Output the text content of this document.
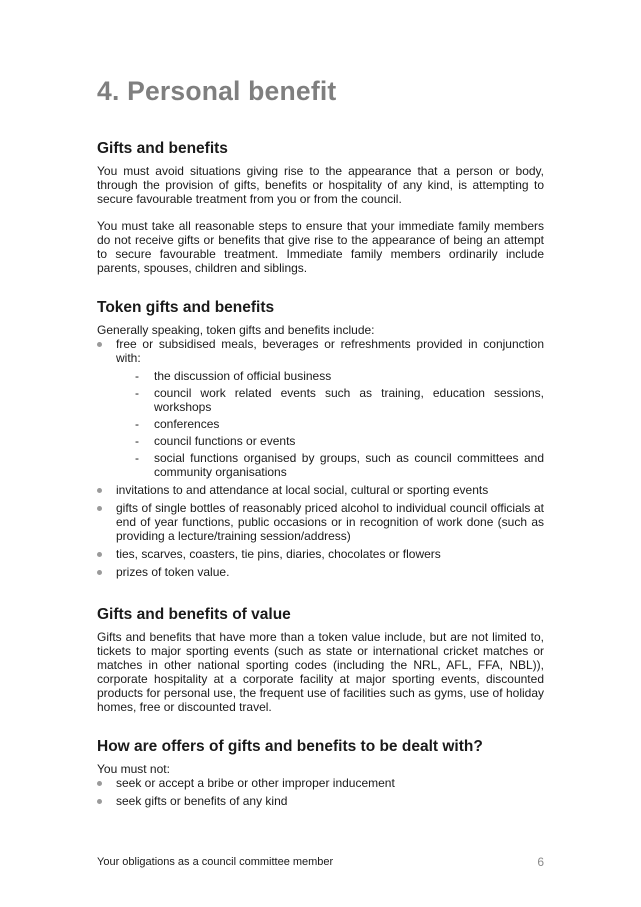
4. Personal benefit
Gifts and benefits

You must avoid situations giving rise to the appearance that a person or body, through the provision of gifts, benefits or hospitality of any kind, is attempting to secure favourable treatment from you or from the council.

You must take all reasonable steps to ensure that your immediate family members do not receive gifts or benefits that give rise to the appearance of being an attempt to secure favourable treatment. Immediate family members ordinarily include parents, spouses, children and siblings.

Token gifts and benefits

Generally speaking, token gifts and benefits include:

free or subsidised meals, beverages or refreshments provided in conjunction with:
- the discussion of official business
- council work related events such as training, education sessions, workshops
- conferences
- council functions or events
- social functions organised by groups, such as council committees and community organisations
invitations to and attendance at local social, cultural or sporting events
gifts of single bottles of reasonably priced alcohol to individual council officials at end of year functions, public occasions or in recognition of work done (such as providing a lecture/training session/address)
ties, scarves, coasters, tie pins, diaries, chocolates or flowers
prizes of token value.
Gifts and benefits of value

Gifts and benefits that have more than a token value include, but are not limited to, tickets to major sporting events (such as state or international cricket matches or matches in other national sporting codes (including the NRL, AFL, FFA, NBL)), corporate hospitality at a corporate facility at major sporting events, discounted products for personal use, the frequent use of facilities such as gyms, use of holiday homes, free or discounted travel.

How are offers of gifts and benefits to be dealt with?

You must not:

seek or accept a bribe or other improper inducement
seek gifts or benefits of any kind
Your obligations as a council committee member	6
